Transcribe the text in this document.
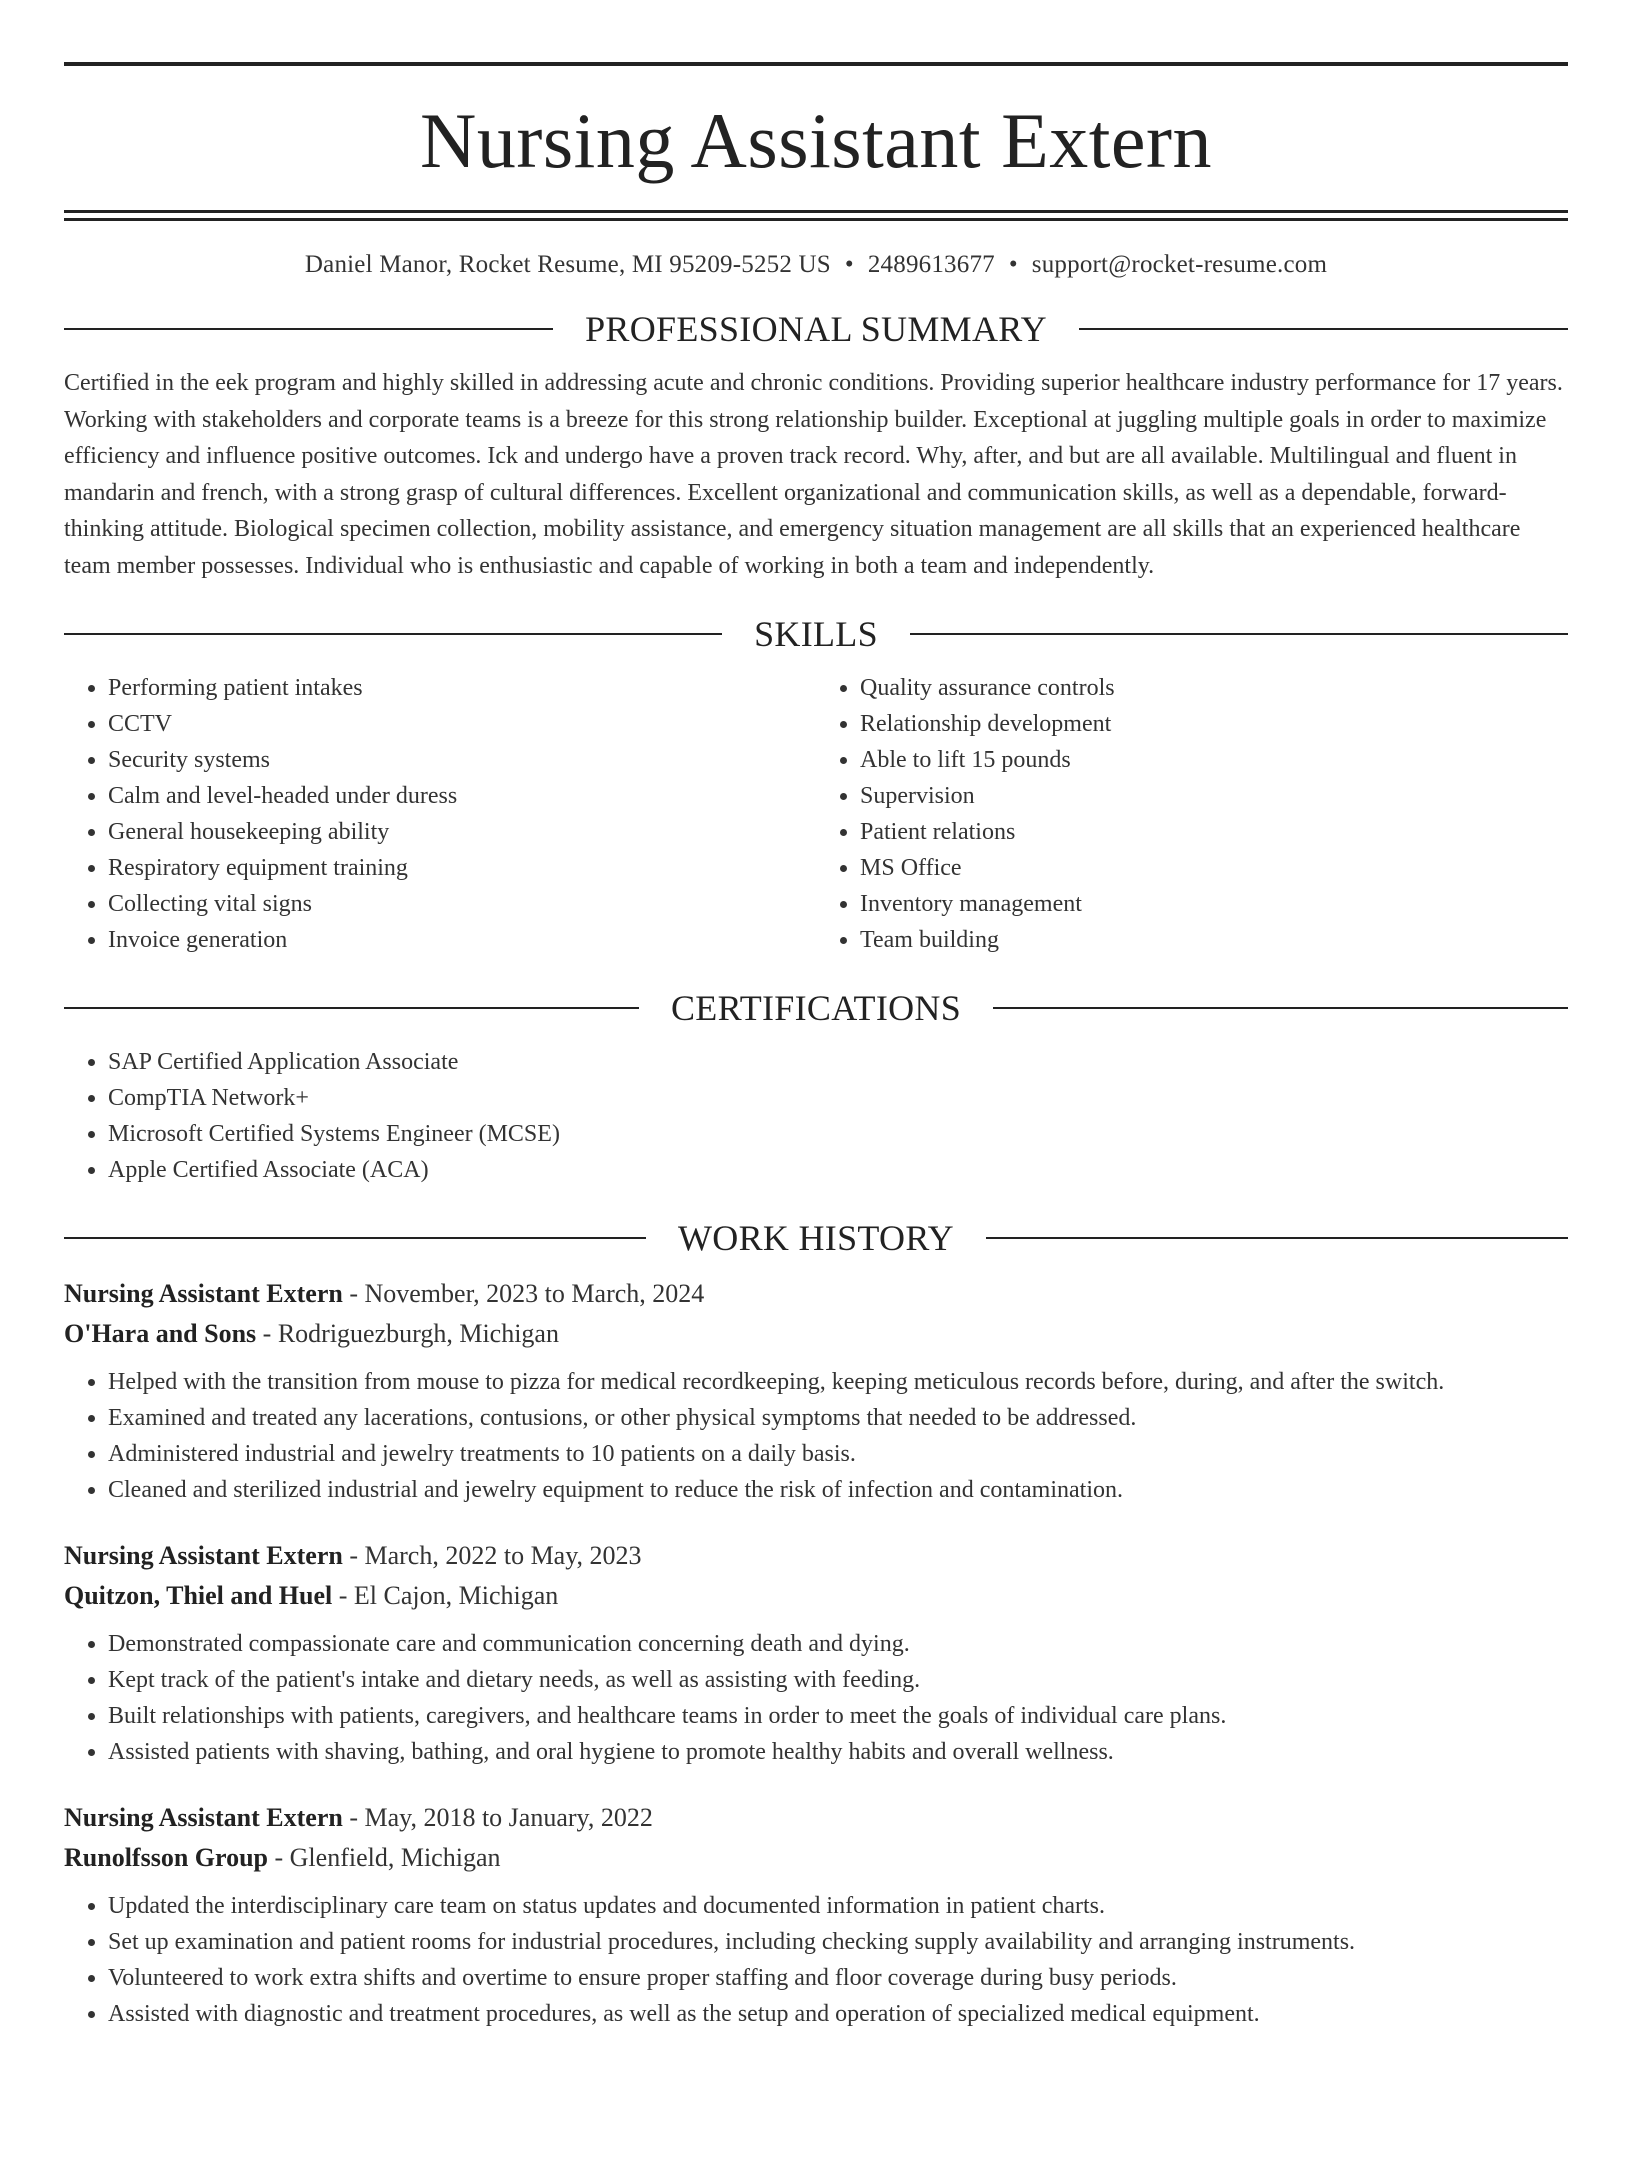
Nursing Assistant Extern
Daniel Manor, Rocket Resume, MI 95209-5252 US • 2489613677 • support@rocket-resume.com
PROFESSIONAL SUMMARY

Certified in the eek program and highly skilled in addressing acute and chronic conditions. Providing superior healthcare industry performance for 17 years. Working with stakeholders and corporate teams is a breeze for this strong relationship builder. Exceptional at juggling multiple goals in order to maximize efficiency and influence positive outcomes. Ick and undergo have a proven track record. Why, after, and but are all available. Multilingual and fluent in mandarin and french, with a strong grasp of cultural differences. Excellent organizational and communication skills, as well as a dependable, forward-thinking attitude. Biological specimen collection, mobility assistance, and emergency situation management are all skills that an experienced healthcare team member possesses. Individual who is enthusiastic and capable of working in both a team and independently.

SKILLS
• Performing patient intakes
• CCTV
• Security systems
• Calm and level-headed under duress
• General housekeeping ability
• Respiratory equipment training
• Collecting vital signs
• Invoice generation
• Quality assurance controls
• Relationship development
• Able to lift 15 pounds
• Supervision
• Patient relations
• MS Office
• Inventory management
• Team building
CERTIFICATIONS
• SAP Certified Application Associate
• CompTIA Network+
• Microsoft Certified Systems Engineer (MCSE)
• Apple Certified Associate (ACA)
WORK HISTORY
Nursing Assistant Extern - November, 2023 to March, 2024
O'Hara and Sons - Rodriguezburgh, Michigan
• Helped with the transition from mouse to pizza for medical recordkeeping, keeping meticulous records before, during, and after the switch.
• Examined and treated any lacerations, contusions, or other physical symptoms that needed to be addressed.
• Administered industrial and jewelry treatments to 10 patients on a daily basis.
• Cleaned and sterilized industrial and jewelry equipment to reduce the risk of infection and contamination.
Nursing Assistant Extern - March, 2022 to May, 2023
Quitzon, Thiel and Huel - El Cajon, Michigan
• Demonstrated compassionate care and communication concerning death and dying.
• Kept track of the patient's intake and dietary needs, as well as assisting with feeding.
• Built relationships with patients, caregivers, and healthcare teams in order to meet the goals of individual care plans.
• Assisted patients with shaving, bathing, and oral hygiene to promote healthy habits and overall wellness.
Nursing Assistant Extern - May, 2018 to January, 2022
Runolfsson Group - Glenfield, Michigan
• Updated the interdisciplinary care team on status updates and documented information in patient charts.
• Set up examination and patient rooms for industrial procedures, including checking supply availability and arranging instruments.
• Volunteered to work extra shifts and overtime to ensure proper staffing and floor coverage during busy periods.
• Assisted with diagnostic and treatment procedures, as well as the setup and operation of specialized medical equipment.
